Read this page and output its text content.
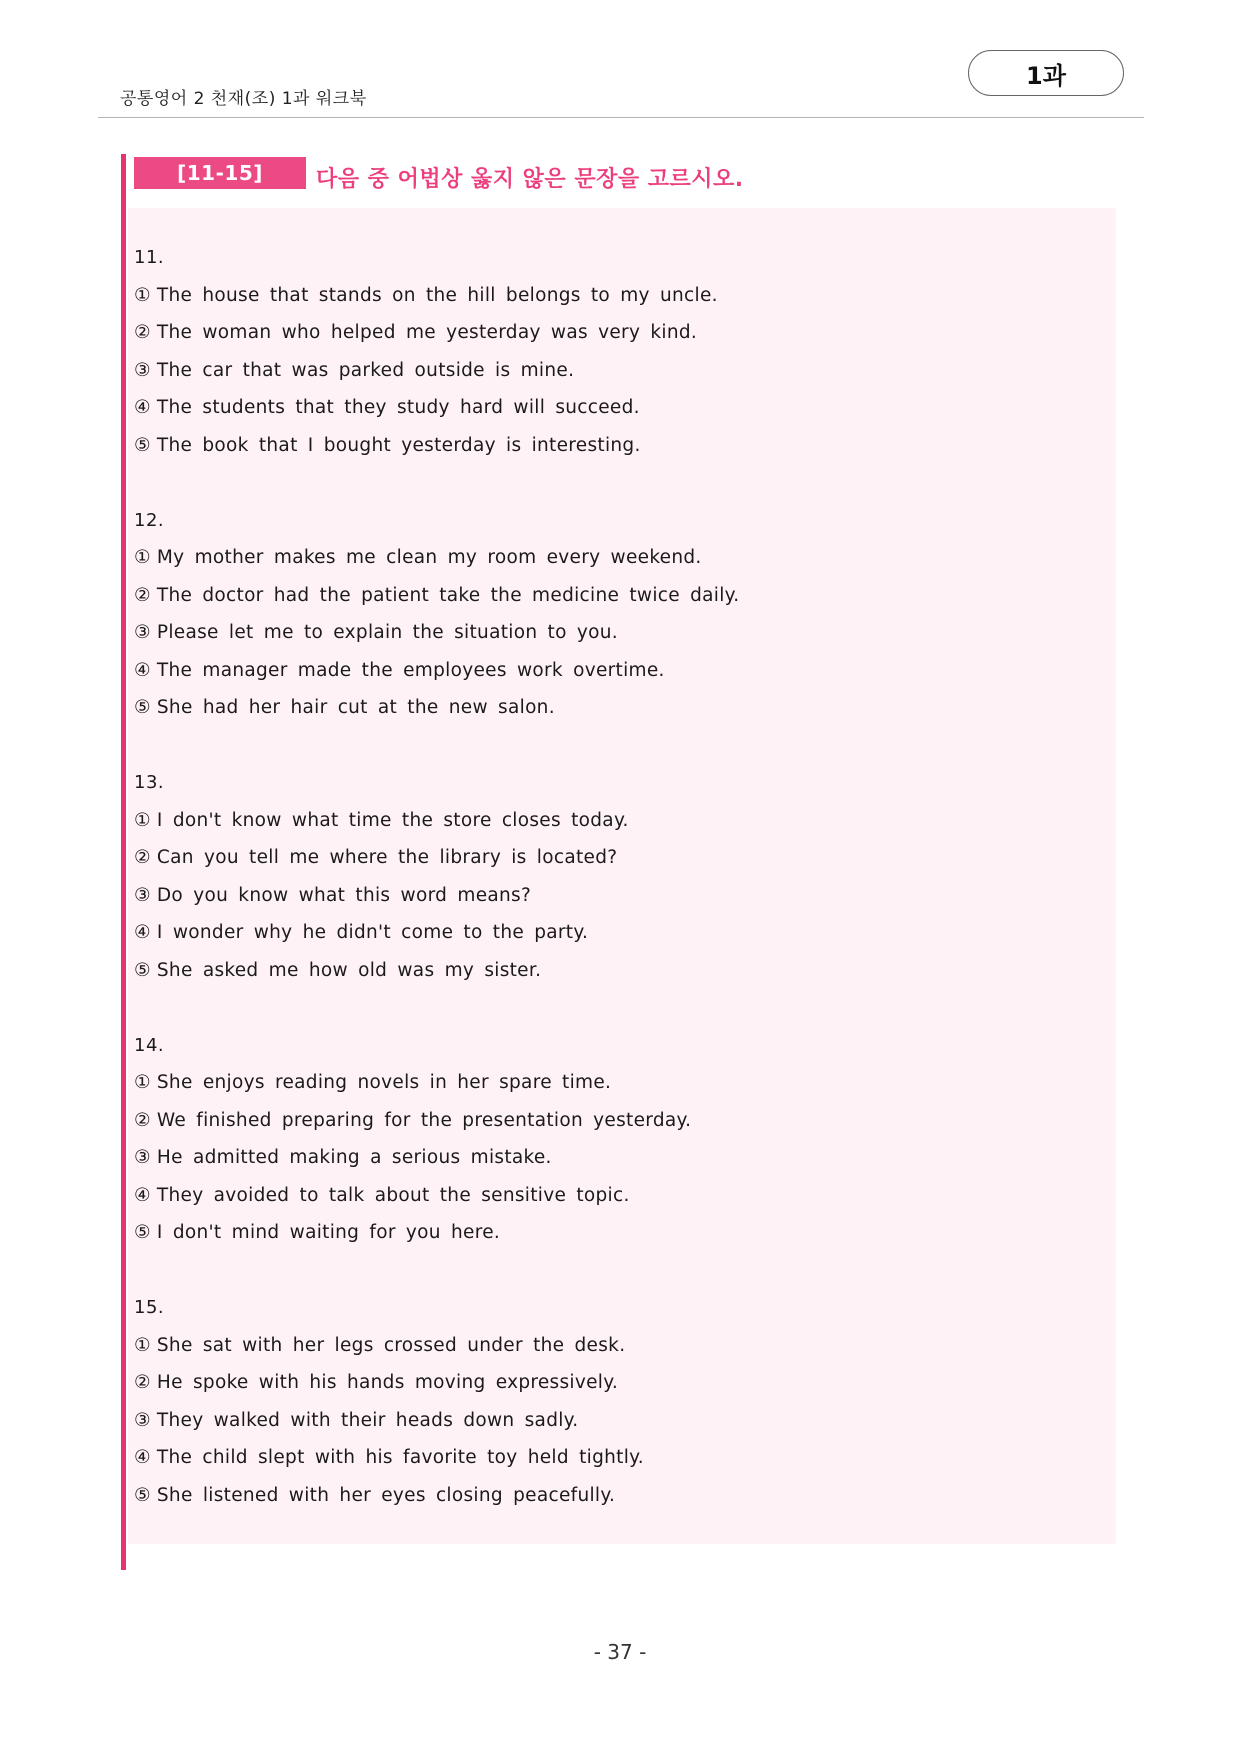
공통영어 2 천재(조) 1과 워크북
1과
[11-15]	다음 중 어법상 옳지 않은 문장을 고르시오.
11.
① The house that stands on the hill belongs to my uncle.
② The woman who helped me yesterday was very kind.
③ The car that was parked outside is mine.
④ The students that they study hard will succeed.
⑤ The book that I bought yesterday is interesting.
12.
① My mother makes me clean my room every weekend.
② The doctor had the patient take the medicine twice daily.
③ Please let me to explain the situation to you.
④ The manager made the employees work overtime.
⑤ She had her hair cut at the new salon.
13.
① I don't know what time the store closes today.
② Can you tell me where the library is located?
③ Do you know what this word means?
④ I wonder why he didn't come to the party.
⑤ She asked me how old was my sister.
14.
① She enjoys reading novels in her spare time.
② We finished preparing for the presentation yesterday.
③ He admitted making a serious mistake.
④ They avoided to talk about the sensitive topic.
⑤ I don't mind waiting for you here.
15.
① She sat with her legs crossed under the desk.
② He spoke with his hands moving expressively.
③ They walked with their heads down sadly.
④ The child slept with his favorite toy held tightly.
⑤ She listened with her eyes closing peacefully.
- 37 -
